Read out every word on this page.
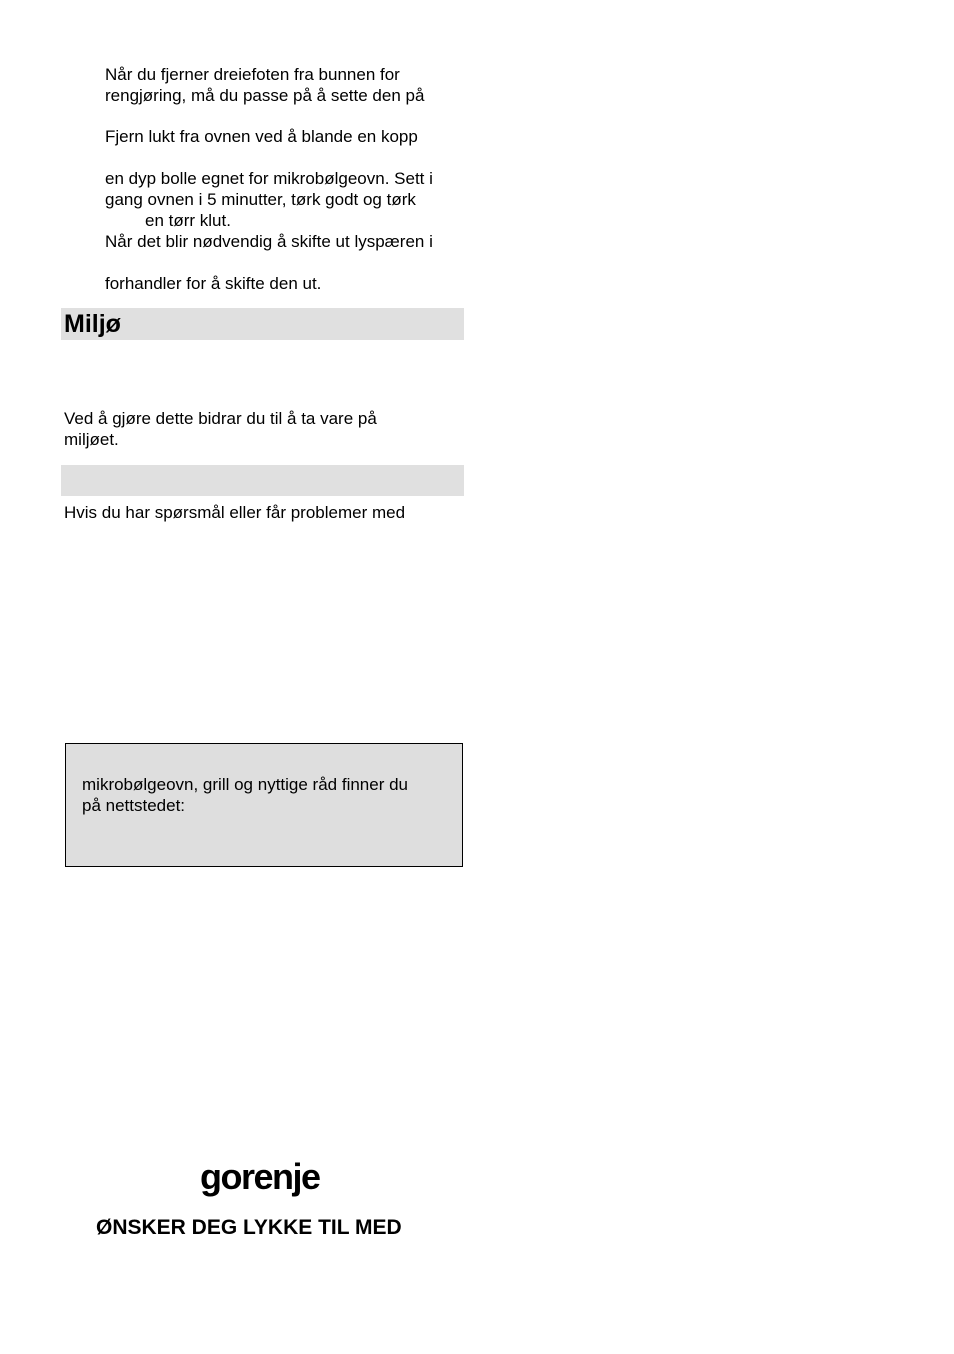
Når du fjerner dreiefoten fra bunnen for
rengjøring, må du passe på å sette den på
Fjern lukt fra ovnen ved å blande en kopp
en dyp bolle egnet for mikrobølgeovn. Sett i
gang ovnen i 5 minutter, tørk godt og tørk
en tørr klut.
Når det blir nødvendig å skifte ut lyspæren i
forhandler for å skifte den ut.
Miljø
Ved å gjøre dette bidrar du til å ta vare på
miljøet.
Hvis du har spørsmål eller får problemer med
mikrobølgeovn, grill og nyttige råd finner du
på nettstedet:
gorenje
ØNSKER DEG LYKKE TIL MED
